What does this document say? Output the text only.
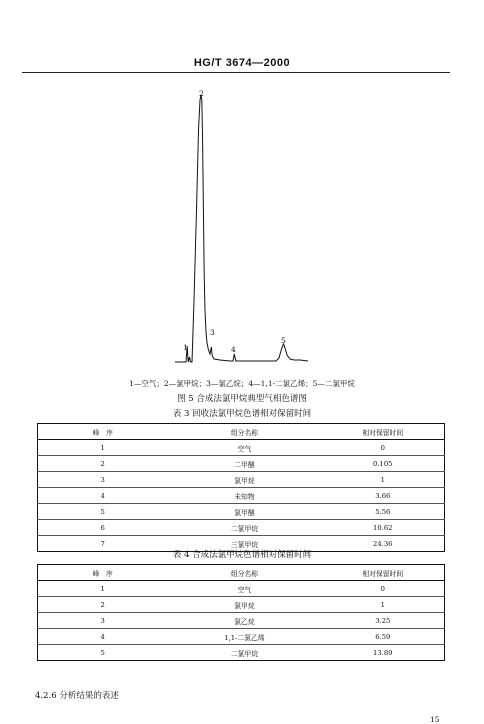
HG/T 3674—2000
1
2
3
4
5
1—空气；2—氯甲烷；3—氯乙烷；4—1,1-二氯乙烯；5—二氯甲烷
图 5 合成法氯甲烷典型气相色谱图
表 3 回收法氯甲烷色谱相对保留时间
峰　序	组分名称	相对保留时间
1	空气	0
2	二甲醚	0.105
3	氯甲烷	1
4	未知物	3.66
5	氯甲醚	5.56
6	二氯甲烷	10.62
7	三氯甲烷	24.36
表 4 合成法氯甲烷色谱相对保留时间
峰　序	组分名称	相对保留时间
1	空气	0
2	氯甲烷	1
3	氯乙烷	3.25
4	1,1-二氯乙烯	6.59
5	二氯甲烷	13.89
4.2.6 分析结果的表述
15
